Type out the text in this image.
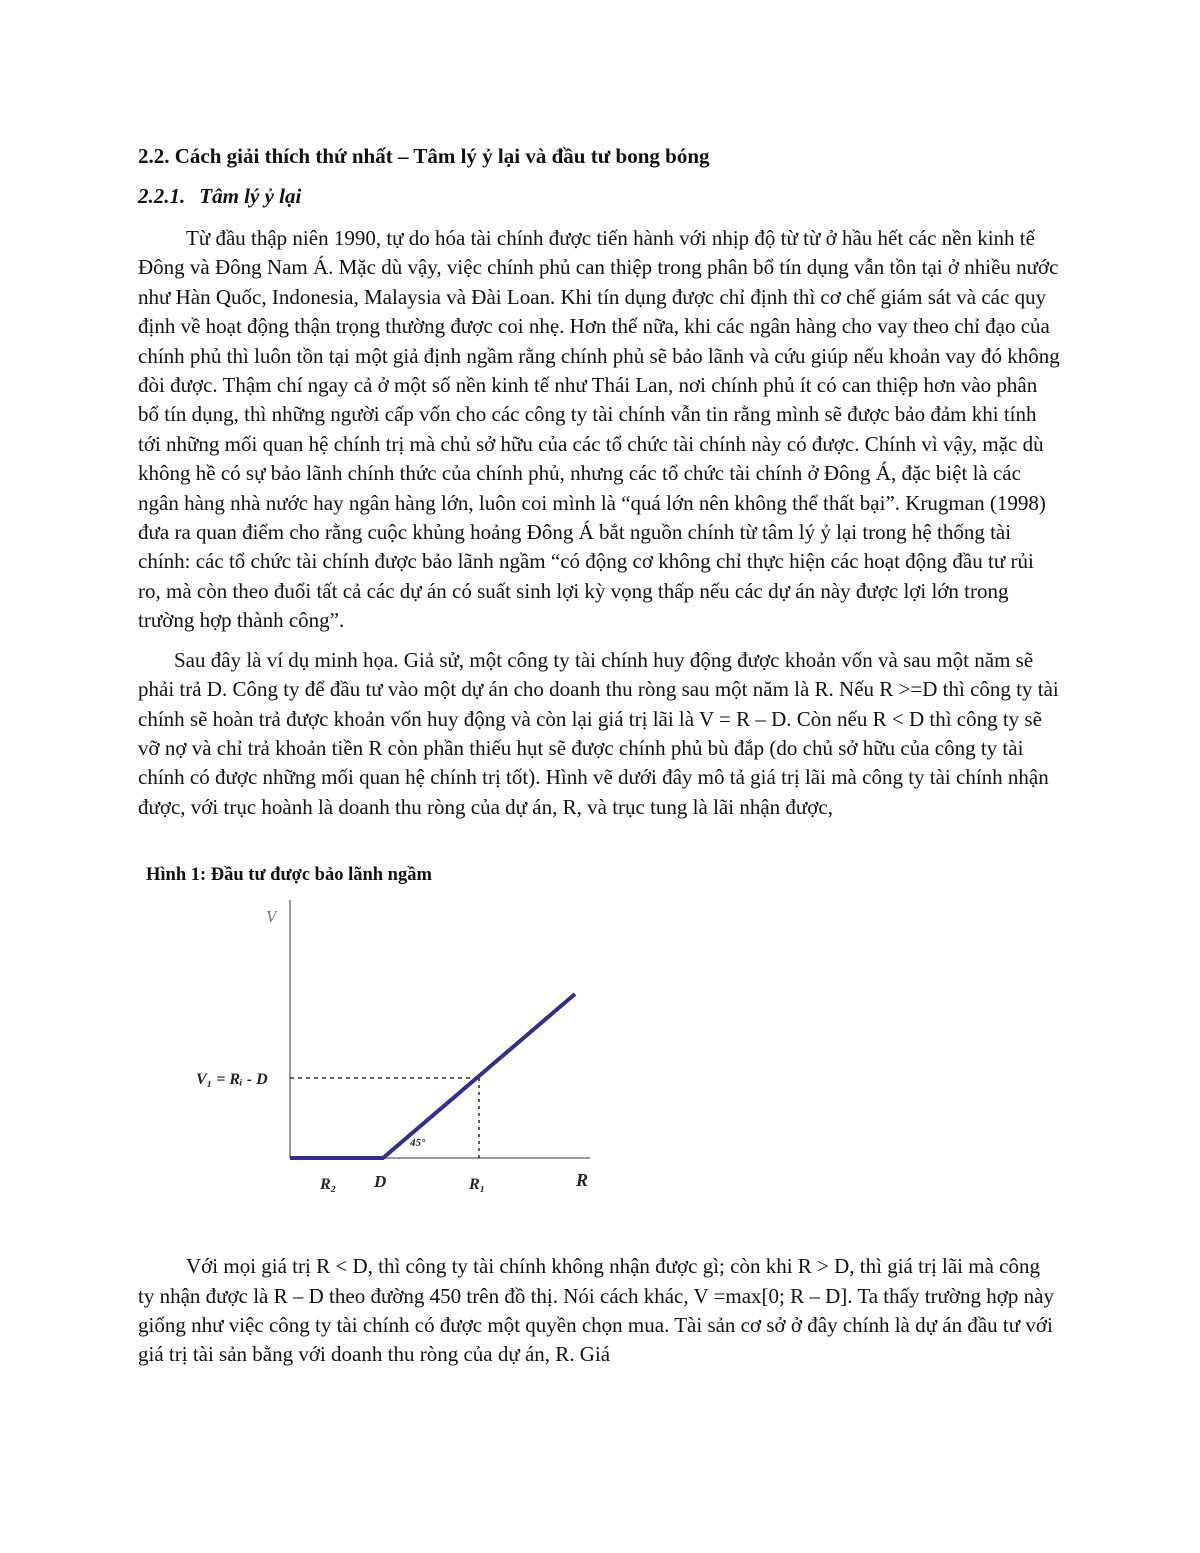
2.2. Cách giải thích thứ nhất – Tâm lý ỷ lại và đầu tư bong bóng
2.2.1. Tâm lý ỷ lại

Từ đầu thập niên 1990, tự do hóa tài chính được tiến hành với nhịp độ từ từ ở hầu hết các nền kinh tế Đông và Đông Nam Á. Mặc dù vậy, việc chính phủ can thiệp trong phân bổ tín dụng vẫn tồn tại ở nhiều nước như Hàn Quốc, Indonesia, Malaysia và Đài Loan. Khi tín dụng được chỉ định thì cơ chế giám sát và các quy định về hoạt động thận trọng thường được coi nhẹ. Hơn thế nữa, khi các ngân hàng cho vay theo chỉ đạo của chính phủ thì luôn tồn tại một giả định ngầm rằng chính phủ sẽ bảo lãnh và cứu giúp nếu khoản vay đó không đòi được. Thậm chí ngay cả ở một số nền kinh tế như Thái Lan, nơi chính phủ ít có can thiệp hơn vào phân bổ tín dụng, thì những người cấp vốn cho các công ty tài chính vẫn tin rằng mình sẽ được bảo đảm khi tính tới những mối quan hệ chính trị mà chủ sở hữu của các tổ chức tài chính này có được. Chính vì vậy, mặc dù không hề có sự bảo lãnh chính thức của chính phủ, nhưng các tổ chức tài chính ở Đông Á, đặc biệt là các ngân hàng nhà nước hay ngân hàng lớn, luôn coi mình là “quá lớn nên không thể thất bại”. Krugman (1998) đưa ra quan điểm cho rằng cuộc khủng hoảng Đông Á bắt nguồn chính từ tâm lý ỷ lại trong hệ thống tài chính: các tổ chức tài chính được bảo lãnh ngầm “có động cơ không chỉ thực hiện các hoạt động đầu tư rủi ro, mà còn theo đuổi tất cả các dự án có suất sinh lợi kỳ vọng thấp nếu các dự án này được lợi lớn trong trường hợp thành công”.

Sau đây là ví dụ minh họa. Giả sử, một công ty tài chính huy động được khoản vốn và sau một năm sẽ phải trả D. Công ty để đầu tư vào một dự án cho doanh thu ròng sau một năm là R. Nếu R >=D thì công ty tài chính sẽ hoàn trả được khoản vốn huy động và còn lại giá trị lãi là V = R – D. Còn nếu R < D thì công ty sẽ vỡ nợ và chỉ trả khoản tiền R còn phần thiếu hụt sẽ được chính phủ bù đắp (do chủ sở hữu của công ty tài chính có được những mối quan hệ chính trị tốt). Hình vẽ dưới đây mô tả giá trị lãi mà công ty tài chính nhận được, với trục hoành là doanh thu ròng của dự án, R, và trục tung là lãi nhận được,

Hình 1: Đầu tư được bảo lãnh ngầm
V
R
V₁ = Rᵢ - D
R₂ D	R₁
45°

Với mọi giá trị R < D, thì công ty tài chính không nhận được gì; còn khi R > D, thì giá trị lãi mà công ty nhận được là R – D theo đường 450 trên đồ thị. Nói cách khác, V =max[0; R – D]. Ta thấy trường hợp này giống như việc công ty tài chính có được một quyền chọn mua. Tài sản cơ sở ở đây chính là dự án đầu tư với giá trị tài sản bằng với doanh thu ròng của dự án, R. Giá
